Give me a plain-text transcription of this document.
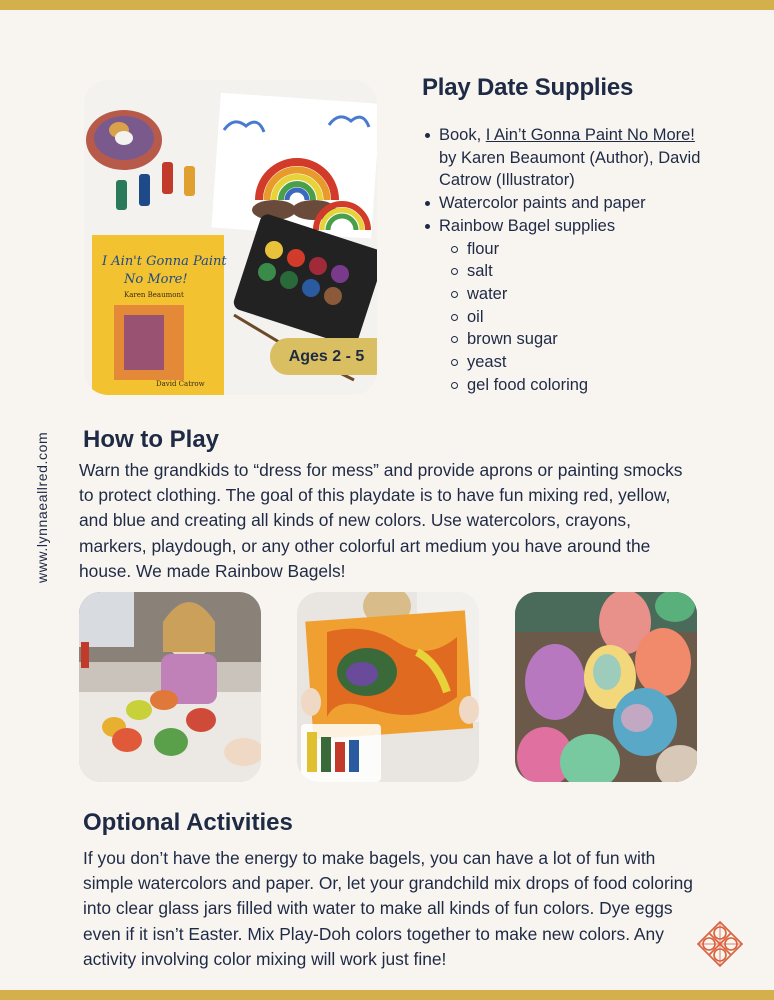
www.lynnaeallred.com
I Ain't Gonna Paint
No More!
Karen Beaumont
David Catrow
Ages 2 - 5
Play Date Supplies
Book, I Ain’t Gonna Paint No More!
by Karen Beaumont (Author), David Catrow (Illustrator)
Watercolor paints and paper
Rainbow Bagel supplies
flour
salt
water
oil
brown sugar
yeast
gel food coloring
How to Play

Warn the grandkids to “dress for mess” and provide aprons or painting smocks to protect clothing. The goal of this playdate is to have fun mixing red, yellow, and blue and creating all kinds of new colors. Use watercolors, crayons, markers, playdough, or any other colorful art medium you have around the house. We made Rainbow Bagels!

Optional Activities

If you don’t have the energy to make bagels, you can have a lot of fun with simple watercolors and paper. Or, let your grandchild mix drops of food coloring into clear glass jars filled with water to make all kinds of fun colors. Dye eggs even if it isn’t Easter. Mix Play-Doh colors together to make new colors. Any activity involving color mixing will work just fine!
